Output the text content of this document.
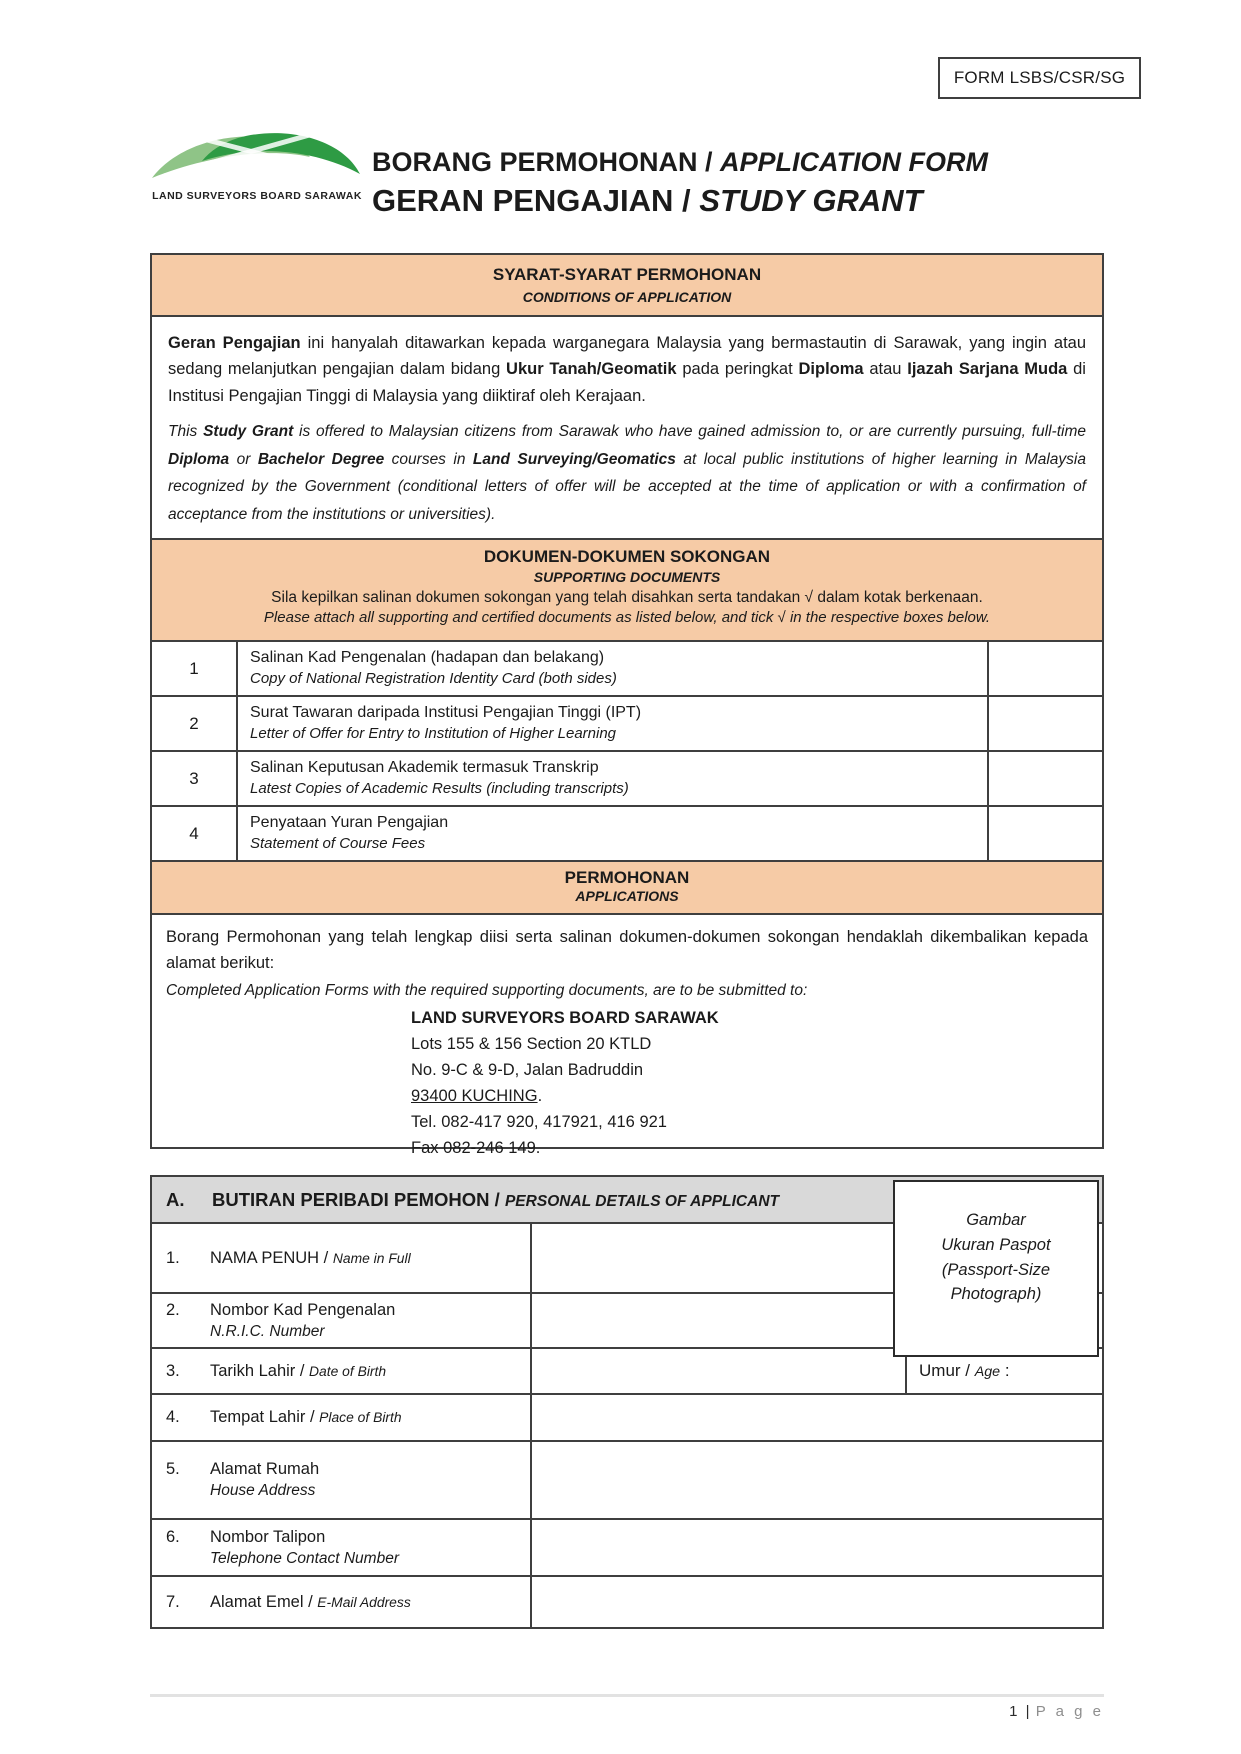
FORM LSBS/CSR/SG
LAND SURVEYORS BOARD SARAWAK
BORANG PERMOHONAN / APPLICATION FORM
GERAN PENGAJIAN / STUDY GRANT
SYARAT-SYARAT PERMOHONAN
CONDITIONS OF APPLICATION

Geran Pengajian ini hanyalah ditawarkan kepada warganegara Malaysia yang bermastautin di Sarawak, yang ingin atau sedang melanjutkan pengajian dalam bidang Ukur Tanah/Geomatik pada peringkat Diploma atau Ijazah Sarjana Muda di Institusi Pengajian Tinggi di Malaysia yang diiktiraf oleh Kerajaan.

This Study Grant is offered to Malaysian citizens from Sarawak who have gained admission to, or are currently pursuing, full-time Diploma or Bachelor Degree courses in Land Surveying/Geomatics at local public institutions of higher learning in Malaysia recognized by the Government (conditional letters of offer will be accepted at the time of application or with a confirmation of acceptance from the institutions or universities).

DOKUMEN-DOKUMEN SOKONGAN
SUPPORTING DOCUMENTS
Sila kepilkan salinan dokumen sokongan yang telah disahkan serta tandakan √ dalam kotak berkenaan.
Please attach all supporting and certified documents as listed below, and tick √ in the respective boxes below.
1
Salinan Kad Pengenalan (hadapan dan belakang)
Copy of National Registration Identity Card (both sides)
2
Surat Tawaran daripada Institusi Pengajian Tinggi (IPT)
Letter of Offer for Entry to Institution of Higher Learning
3
Salinan Keputusan Akademik termasuk Transkrip
Latest Copies of Academic Results (including transcripts)
4
Penyataan Yuran Pengajian
Statement of Course Fees
PERMOHONAN
APPLICATIONS

Borang Permohonan yang telah lengkap diisi serta salinan dokumen-dokumen sokongan hendaklah dikembalikan kepada alamat berikut:

Completed Application Forms with the required supporting documents, are to be submitted to:

LAND SURVEYORS BOARD SARAWAK
Lots 155 & 156 Section 20 KTLD
No. 9-C & 9-D, Jalan Badruddin
93400 KUCHING.
Tel. 082-417 920, 417921, 416 921
Fax 082-246 149.
A.	BUTIRAN PERIBADI PEMOHON / PERSONAL DETAILS OF APPLICANT
1.	NAMA PENUH / Name in Full
2.	Nombor Kad Pengenalan
N.R.I.C. Number
3.	Tarikh Lahir / Date of Birth	Umur / Age :
4.	Tempat Lahir / Place of Birth
5.	Alamat Rumah
House Address
6.	Nombor Talipon
Telephone Contact Number
7.	Alamat Emel / E-Mail Address
Gambar
Ukuran Paspot
(Passport-Size
Photograph)
1 | P a g e
